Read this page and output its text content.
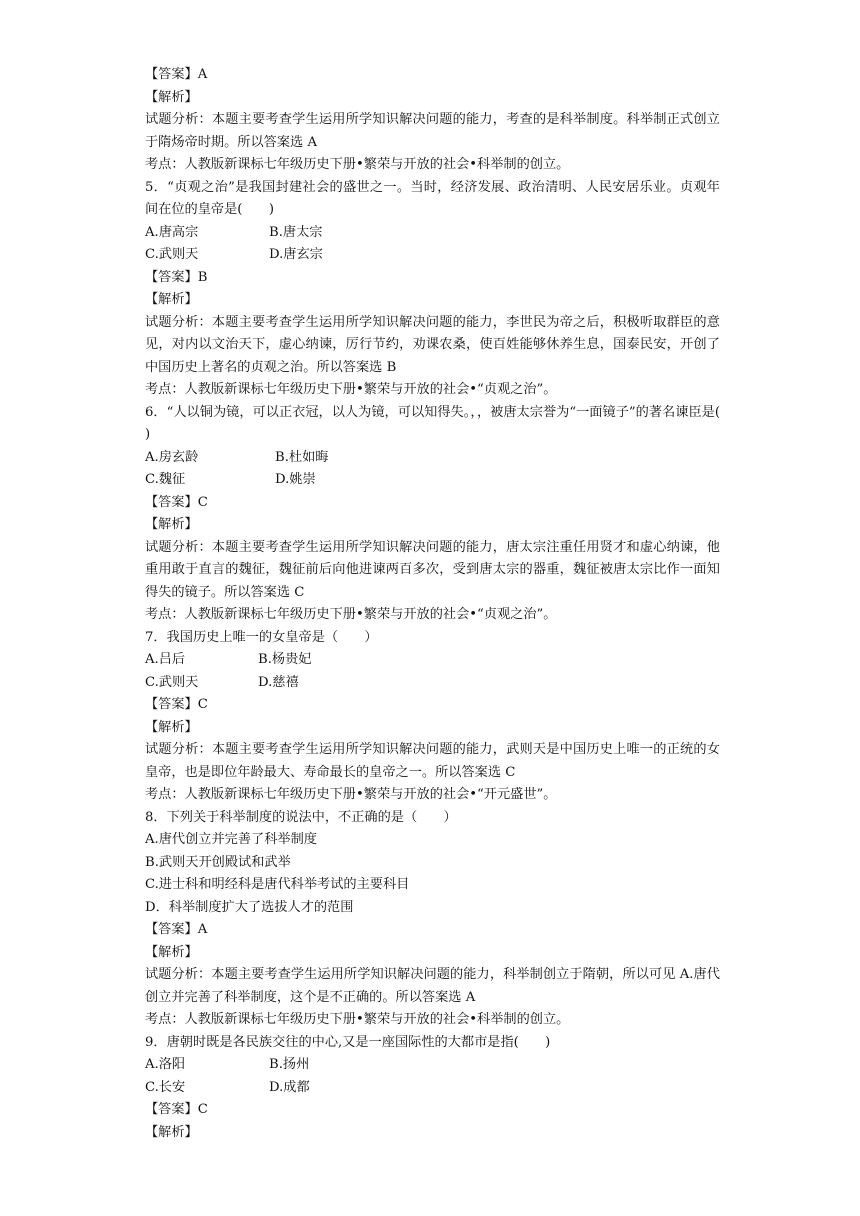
【答案】A
【解析】
试题分析：本题主要考查学生运用所学知识解决问题的能力，考查的是科举制度。科举制正式创立于隋炀帝时期。所以答案选 A
考点：人教版新课标七年级历史下册•繁荣与开放的社会•科举制的创立。
5．“贞观之治”是我国封建社会的盛世之一。当时，经济发展、政治清明、人民安居乐业。贞观年间在位的皇帝是(　　)
A.唐高宗	B.唐太宗
C.武则天	D.唐玄宗
【答案】B
【解析】
试题分析：本题主要考查学生运用所学知识解决问题的能力，李世民为帝之后，积极听取群臣的意见，对内以文治天下，虚心纳谏，厉行节约，劝课农桑，使百姓能够休养生息，国泰民安，开创了中国历史上著名的贞观之治。所以答案选 B
考点：人教版新课标七年级历史下册•繁荣与开放的社会•“贞观之治”。
6．“人以铜为镜，可以正衣冠，以人为镜，可以知得失。，，被唐太宗誉为“一面镜子”的著名谏臣是(　　)
A.房玄龄	B.杜如晦
C.魏征	D.姚崇
【答案】C
【解析】
试题分析：本题主要考查学生运用所学知识解决问题的能力，唐太宗注重任用贤才和虚心纳谏，他重用敢于直言的魏征，魏征前后向他进谏两百多次，受到唐太宗的器重，魏征被唐太宗比作一面知得失的镜子。所以答案选 C
考点：人教版新课标七年级历史下册•繁荣与开放的社会•“贞观之治”。
7．我国历史上唯一的女皇帝是（　　）
A.吕后	B.杨贵妃
C.武则天	D.慈禧
【答案】C
【解析】
试题分析：本题主要考查学生运用所学知识解决问题的能力，武则天是中国历史上唯一的正统的女皇帝，也是即位年龄最大、寿命最长的皇帝之一。所以答案选 C
考点：人教版新课标七年级历史下册•繁荣与开放的社会•“开元盛世”。
8．下列关于科举制度的说法中，不正确的是（　　）
A.唐代创立并完善了科举制度
B.武则天开创殿试和武举
C.进士科和明经科是唐代科举考试的主要科目
D．科举制度扩大了选拔人才的范围
【答案】A
【解析】
试题分析：本题主要考查学生运用所学知识解决问题的能力，科举制创立于隋朝，所以可见 A.唐代创立并完善了科举制度，这个是不正确的。所以答案选 A
考点：人教版新课标七年级历史下册•繁荣与开放的社会•科举制的创立。
9．唐朝时既是各民族交往的中心,又是一座国际性的大都市是指(　　)
A.洛阳	B.扬州
C.长安	D.成都
【答案】C
【解析】
